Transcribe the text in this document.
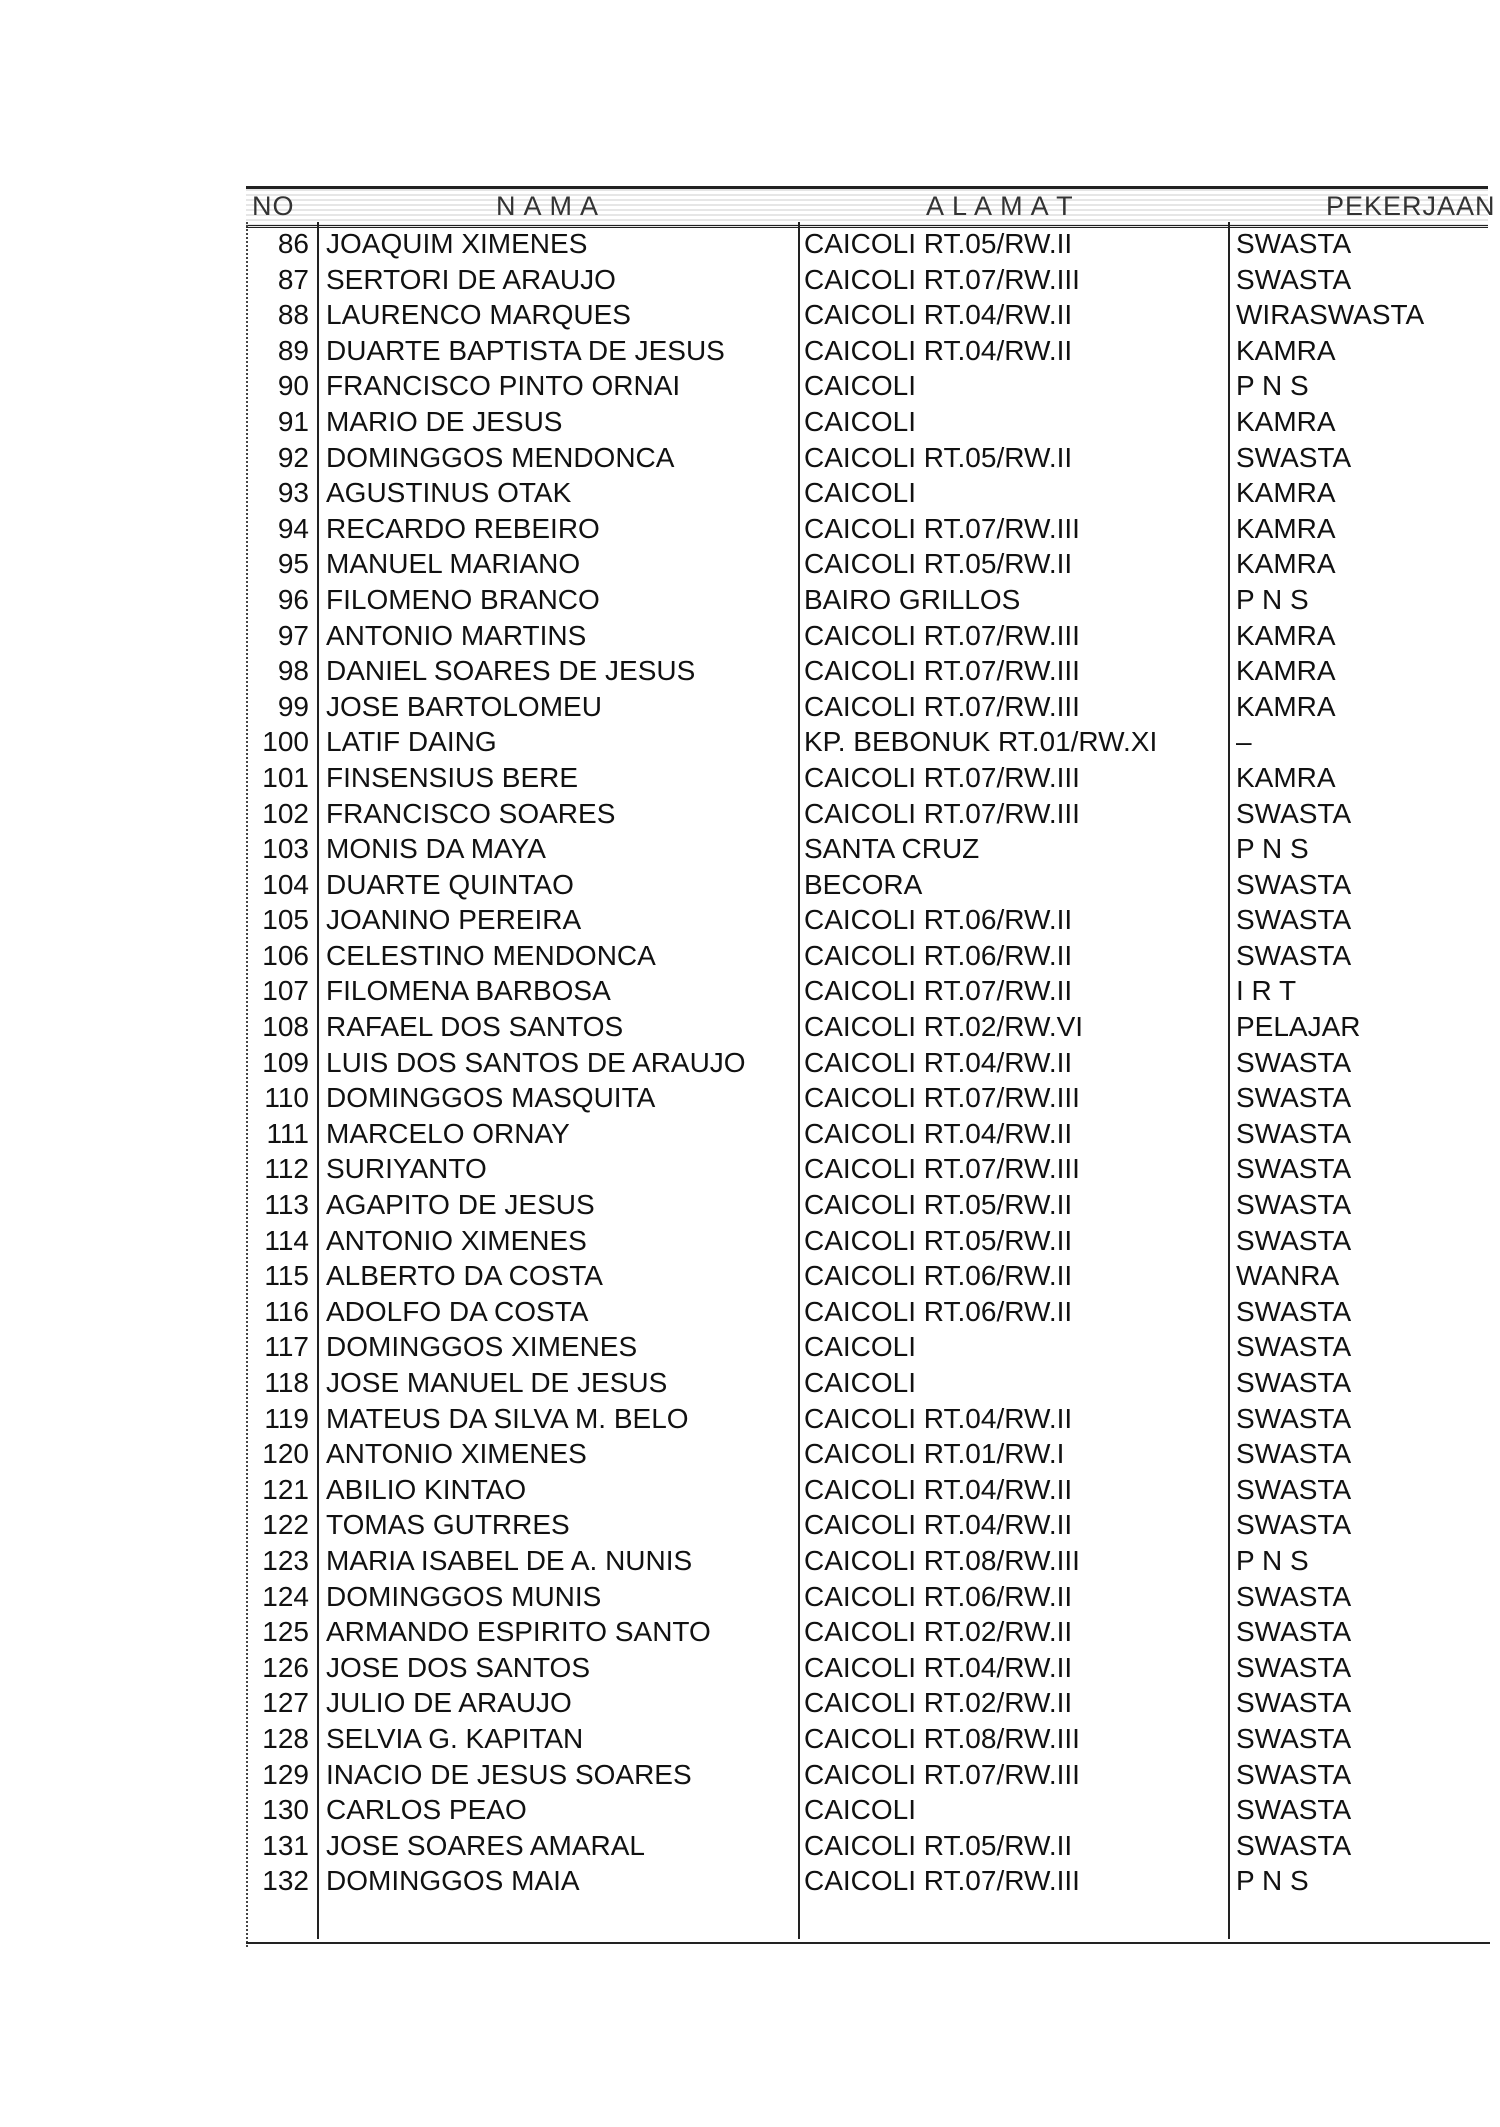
NO	N A M A	A L A M A T	PEKERJAAN
86 JOAQUIM XIMENES	CAICOLI RT.05/RW.II	SWASTA
87 SERTORI DE ARAUJO	CAICOLI RT.07/RW.III	SWASTA
88 LAURENCO MARQUES	CAICOLI RT.04/RW.II	WIRASWASTA
89 DUARTE BAPTISTA DE JESUS	CAICOLI RT.04/RW.II	KAMRA
90 FRANCISCO PINTO ORNAI	CAICOLI	P N S
91 MARIO DE JESUS	CAICOLI	KAMRA
92 DOMINGGOS MENDONCA	CAICOLI RT.05/RW.II	SWASTA
93 AGUSTINUS OTAK	CAICOLI	KAMRA
94 RECARDO REBEIRO	CAICOLI RT.07/RW.III	KAMRA
95 MANUEL MARIANO	CAICOLI RT.05/RW.II	KAMRA
96 FILOMENO BRANCO	BAIRO GRILLOS	P N S
97 ANTONIO MARTINS	CAICOLI RT.07/RW.III	KAMRA
98 DANIEL SOARES DE JESUS	CAICOLI RT.07/RW.III	KAMRA
99 JOSE BARTOLOMEU	CAICOLI RT.07/RW.III	KAMRA
100 LATIF DAING	KP. BEBONUK RT.01/RW.XI	–
101 FINSENSIUS BERE	CAICOLI RT.07/RW.III	KAMRA
102 FRANCISCO SOARES	CAICOLI RT.07/RW.III	SWASTA
103 MONIS DA MAYA	SANTA CRUZ	P N S
104 DUARTE QUINTAO	BECORA	SWASTA
105 JOANINO PEREIRA	CAICOLI RT.06/RW.II	SWASTA
106 CELESTINO MENDONCA	CAICOLI RT.06/RW.II	SWASTA
107 FILOMENA BARBOSA	CAICOLI RT.07/RW.II	I R T
108 RAFAEL DOS SANTOS	CAICOLI RT.02/RW.VI	PELAJAR
109 LUIS DOS SANTOS DE ARAUJO	CAICOLI RT.04/RW.II	SWASTA
110 DOMINGGOS MASQUITA	CAICOLI RT.07/RW.III	SWASTA
111 MARCELO ORNAY	CAICOLI RT.04/RW.II	SWASTA
112 SURIYANTO	CAICOLI RT.07/RW.III	SWASTA
113 AGAPITO DE JESUS	CAICOLI RT.05/RW.II	SWASTA
114 ANTONIO XIMENES	CAICOLI RT.05/RW.II	SWASTA
115 ALBERTO DA COSTA	CAICOLI RT.06/RW.II	WANRA
116 ADOLFO DA COSTA	CAICOLI RT.06/RW.II	SWASTA
117 DOMINGGOS XIMENES	CAICOLI	SWASTA
118 JOSE MANUEL DE JESUS	CAICOLI	SWASTA
119 MATEUS DA SILVA M. BELO	CAICOLI RT.04/RW.II	SWASTA
120 ANTONIO XIMENES	CAICOLI RT.01/RW.I	SWASTA
121 ABILIO KINTAO	CAICOLI RT.04/RW.II	SWASTA
122 TOMAS GUTRRES	CAICOLI RT.04/RW.II	SWASTA
123 MARIA ISABEL DE A. NUNIS	CAICOLI RT.08/RW.III	P N S
124 DOMINGGOS MUNIS	CAICOLI RT.06/RW.II	SWASTA
125 ARMANDO ESPIRITO SANTO	CAICOLI RT.02/RW.II	SWASTA
126 JOSE DOS SANTOS	CAICOLI RT.04/RW.II	SWASTA
127 JULIO DE ARAUJO	CAICOLI RT.02/RW.II	SWASTA
128 SELVIA G. KAPITAN	CAICOLI RT.08/RW.III	SWASTA
129 INACIO DE JESUS SOARES	CAICOLI RT.07/RW.III	SWASTA
130 CARLOS PEAO	CAICOLI	SWASTA
131 JOSE SOARES AMARAL	CAICOLI RT.05/RW.II	SWASTA
132 DOMINGGOS MAIA	CAICOLI RT.07/RW.III	P N S
